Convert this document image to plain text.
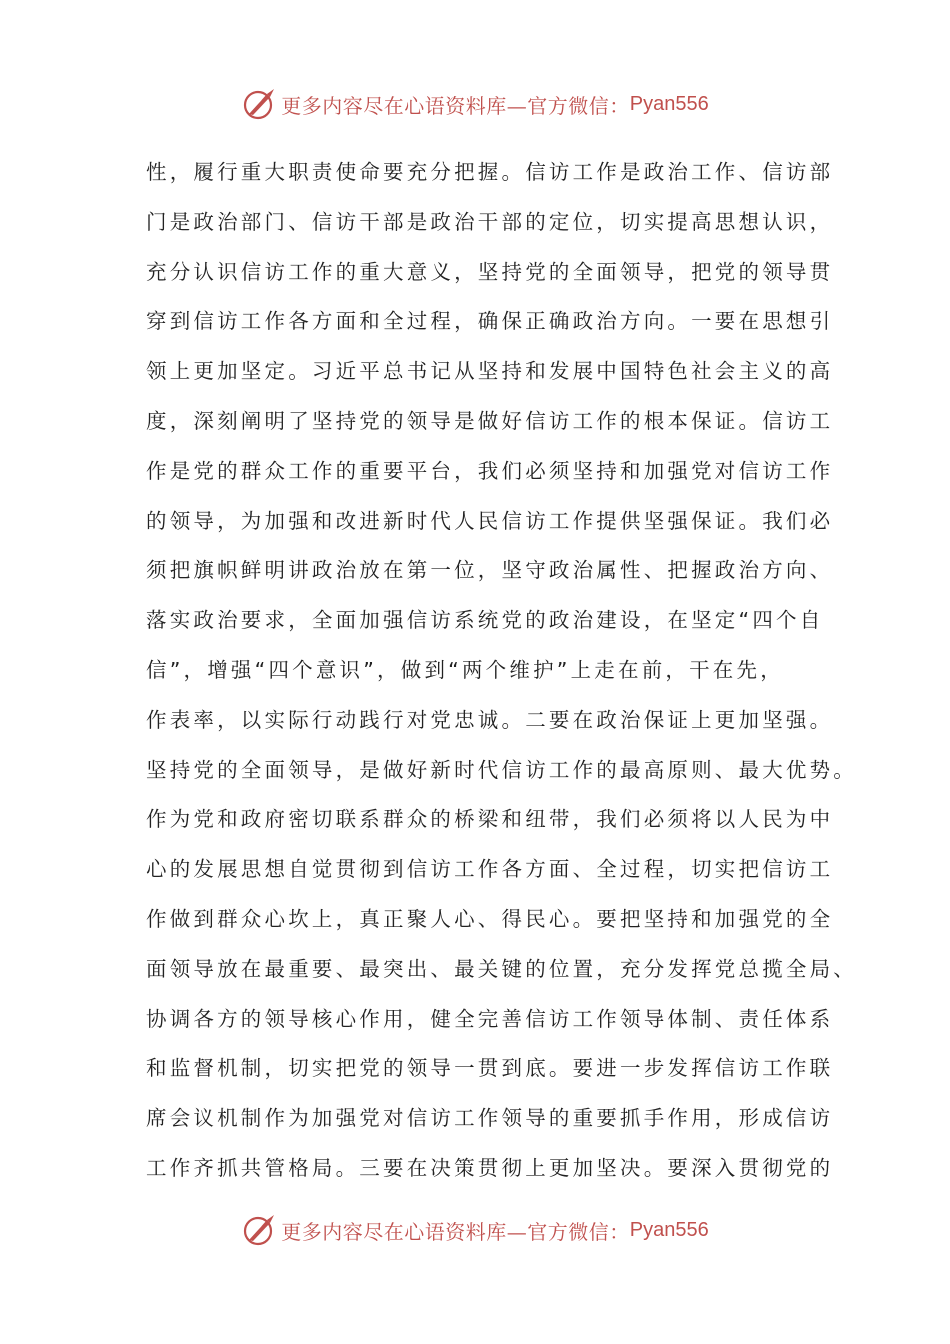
更多内容尽在心语资料库—官方微信： Pyan556
性，履行重大职责使命要充分把握。信访工作是政治工作、信访部
门是政治部门、信访干部是政治干部的定位，切实提高思想认识，
充分认识信访工作的重大意义，坚持党的全面领导，把党的领导贯
穿到信访工作各方面和全过程，确保正确政治方向。一要在思想引
领上更加坚定。习近平总书记从坚持和发展中国特色社会主义的高
度，深刻阐明了坚持党的领导是做好信访工作的根本保证。信访工
作是党的群众工作的重要平台，我们必须坚持和加强党对信访工作
的领导，为加强和改进新时代人民信访工作提供坚强保证。我们必
须把旗帜鲜明讲政治放在第一位，坚守政治属性、把握政治方向、
落实政治要求，全面加强信访系统党的政治建设，在坚定“四个自
信”，增强“四个意识”，做到“两个维护”上走在前，干在先，
作表率，以实际行动践行对党忠诚。二要在政治保证上更加坚强。
坚持党的全面领导，是做好新时代信访工作的最高原则、最大优势。
作为党和政府密切联系群众的桥梁和纽带，我们必须将以人民为中
心的发展思想自觉贯彻到信访工作各方面、全过程，切实把信访工
作做到群众心坎上，真正聚人心、得民心。要把坚持和加强党的全
面领导放在最重要、最突出、最关键的位置，充分发挥党总揽全局、
协调各方的领导核心作用，健全完善信访工作领导体制、责任体系
和监督机制，切实把党的领导一贯到底。要进一步发挥信访工作联
席会议机制作为加强党对信访工作领导的重要抓手作用，形成信访
工作齐抓共管格局。三要在决策贯彻上更加坚决。要深入贯彻党的
更多内容尽在心语资料库—官方微信： Pyan556
